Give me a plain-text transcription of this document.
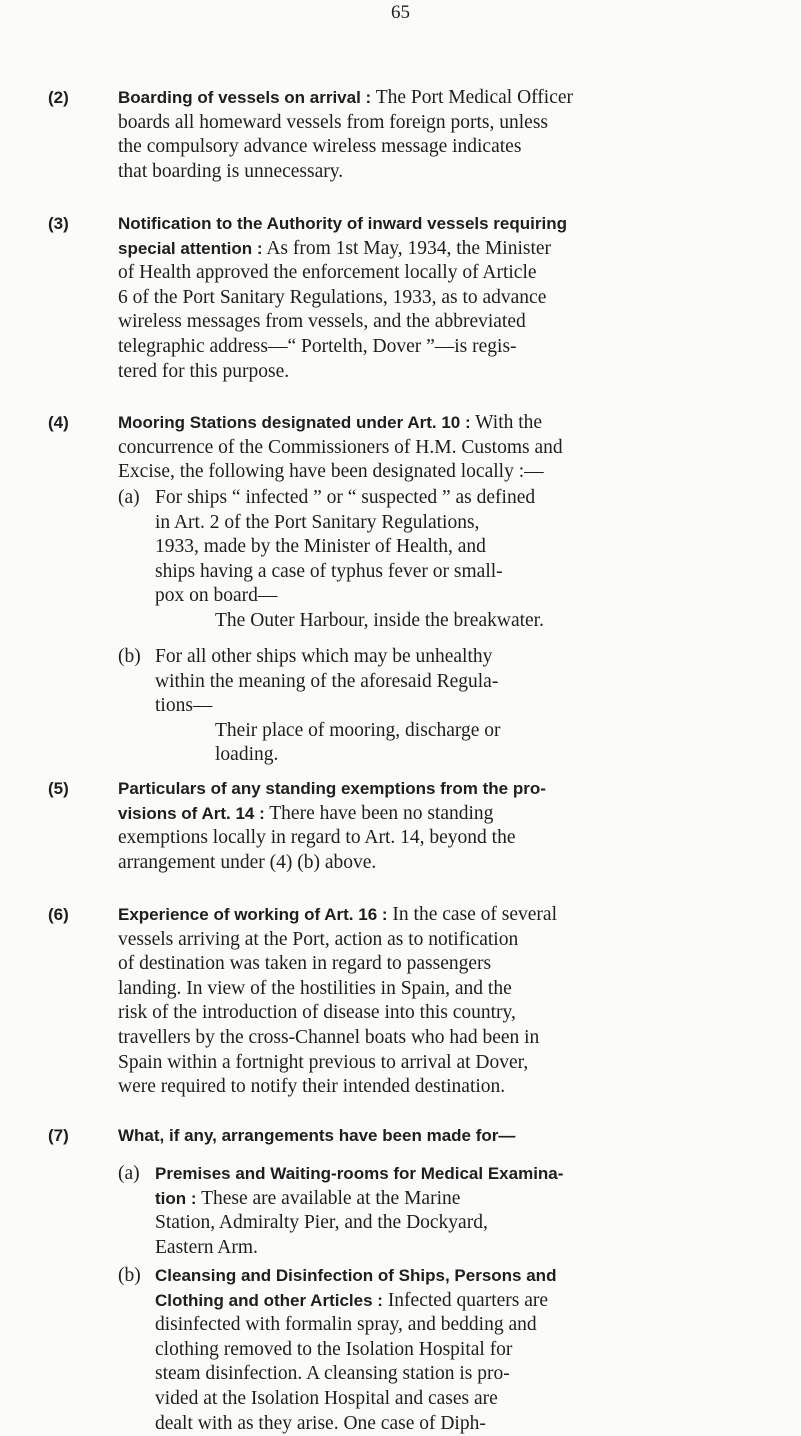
65
(2)	Boarding of vessels on arrival : The Port Medical Officer
boards all homeward vessels from foreign ports, unless
the compulsory advance wireless message indicates
that boarding is unnecessary.
(3)	Notification to the Authority of inward vessels requiring
special attention : As from 1st May, 1934, the Minister
of Health approved the enforcement locally of Article
6 of the Port Sanitary Regulations, 1933, as to advance
wireless messages from vessels, and the abbreviated
telegraphic address—“ Portelth, Dover ”—is regis-
tered for this purpose.
(4)	Mooring Stations designated under Art. 10 : With the
concurrence of the Commissioners of H.M. Customs and
Excise, the following have been designated locally :—
(a) For ships “ infected ” or “ suspected ” as defined
in Art. 2 of the Port Sanitary Regulations,
1933, made by the Minister of Health, and
ships having a case of typhus fever or small-
pox on board—
The Outer Harbour, inside the breakwater.
(b) For all other ships which may be unhealthy
within the meaning of the aforesaid Regula-
tions—
Their place of mooring, discharge or
loading.
(5)	Particulars of any standing exemptions from the pro-
visions of Art. 14 : There have been no standing
exemptions locally in regard to Art. 14, beyond the
arrangement under (4) (b) above.
(6)	Experience of working of Art. 16 : In the case of several
vessels arriving at the Port, action as to notification
of destination was taken in regard to passengers
landing. In view of the hostilities in Spain, and the
risk of the introduction of disease into this country,
travellers by the cross-Channel boats who had been in
Spain within a fortnight previous to arrival at Dover,
were required to notify their intended destination.
(7)	What, if any, arrangements have been made for—
(a) Premises and Waiting-rooms for Medical Examina-
tion : These are available at the Marine
Station, Admiralty Pier, and the Dockyard,
Eastern Arm.
(b) Cleansing and Disinfection of Ships, Persons and
Clothing and other Articles : Infected quarters are
disinfected with formalin spray, and bedding and
clothing removed to the Isolation Hospital for
steam disinfection. A cleansing station is pro-
vided at the Isolation Hospital and cases are
dealt with as they arise. One case of Diph-
